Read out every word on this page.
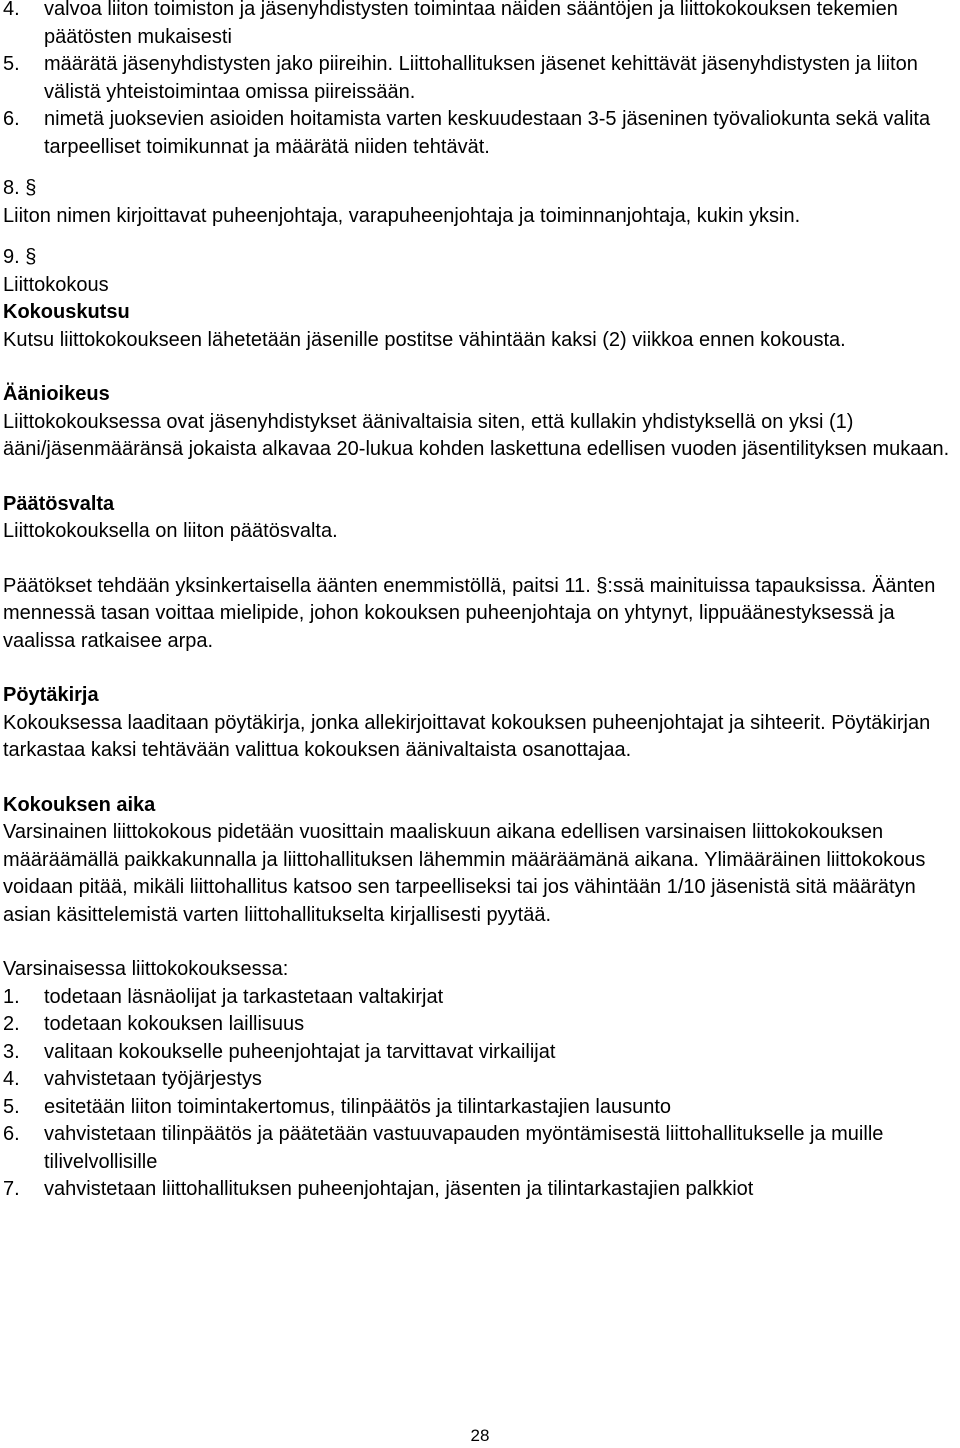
4.	valvoa liiton toimiston ja jäsenyhdistysten toimintaa näiden sääntöjen ja liittokokouksen tekemien päätösten mukaisesti
5.	määrätä jäsenyhdistysten jako piireihin. Liittohallituksen jäsenet kehittävät jäsenyhdistysten ja liiton välistä yhteistoimintaa omissa piireissään.
6.	nimetä juoksevien asioiden hoitamista varten keskuudestaan 3-5 jäseninen työvaliokunta sekä valita tarpeelliset toimikunnat ja määrätä niiden tehtävät.
8. §

Liiton nimen kirjoittavat puheenjohtaja, varapuheenjohtaja ja toiminnanjohtaja, kukin yksin.

9. §

Liittokokous

Kokouskutsu

Kutsu liittokokoukseen lähetetään jäsenille postitse vähintään kaksi (2) viikkoa ennen kokousta.

Äänioikeus

Liittokokouksessa ovat jäsenyhdistykset äänivaltaisia siten, että kullakin yhdistyksellä on yksi (1) ääni/jäsenmääränsä jokaista alkavaa 20-lukua kohden laskettuna edellisen vuoden jäsentilityksen mukaan.

Päätösvalta

Liittokokouksella on liiton päätösvalta.

Päätökset tehdään yksinkertaisella äänten enemmistöllä, paitsi 11. §:ssä mainituissa tapauksissa. Äänten mennessä tasan voittaa mielipide, johon kokouksen puheenjohtaja on yhtynyt, lippuäänestyksessä ja vaalissa ratkaisee arpa.

Pöytäkirja

Kokouksessa laaditaan pöytäkirja, jonka allekirjoittavat kokouksen puheenjohtajat ja sihteerit. Pöytäkirjan tarkastaa kaksi tehtävään valittua kokouksen äänivaltaista osanottajaa.

Kokouksen aika

Varsinainen liittokokous pidetään vuosittain maaliskuun aikana edellisen varsinaisen liittokokouksen määräämällä paikkakunnalla ja liittohallituksen lähemmin määräämänä aikana. Ylimääräinen liittokokous voidaan pitää, mikäli liittohallitus katsoo sen tarpeelliseksi tai jos vähintään 1/10 jäsenistä sitä määrätyn asian käsittelemistä varten liittohallitukselta kirjallisesti pyytää.

Varsinaisessa liittokokouksessa:

1.	todetaan läsnäolijat ja tarkastetaan valtakirjat
2.	todetaan kokouksen laillisuus
3.	valitaan kokoukselle puheenjohtajat ja tarvittavat virkailijat
4.	vahvistetaan työjärjestys
5.	esitetään liiton toimintakertomus, tilinpäätös ja tilintarkastajien lausunto
6.	vahvistetaan tilinpäätös ja päätetään vastuuvapauden myöntämisestä liittohallitukselle ja muille tilivelvollisille
7.	vahvistetaan liittohallituksen puheenjohtajan, jäsenten ja tilintarkastajien palkkiot
28
